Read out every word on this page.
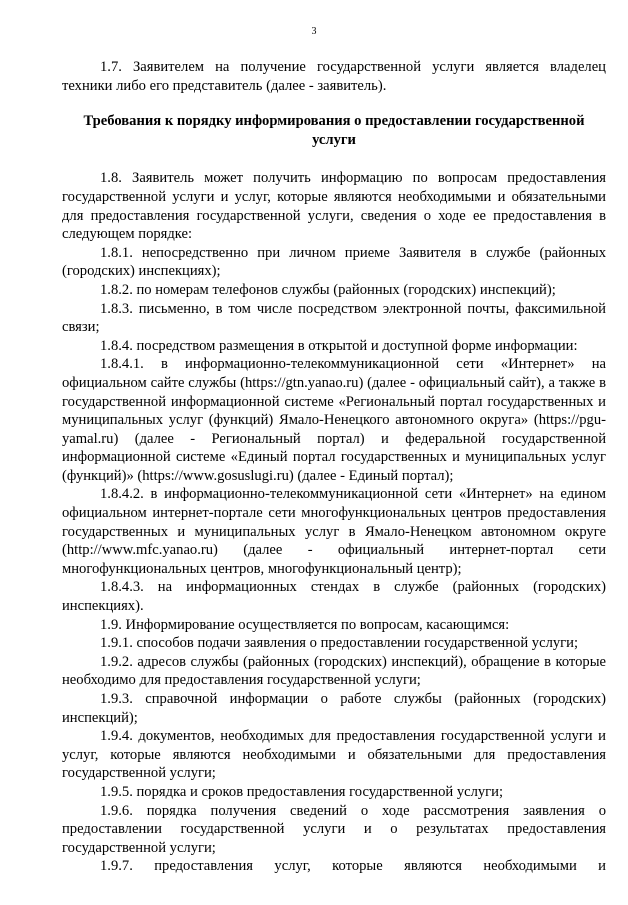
3

1.7. Заявителем на получение государственной услуги является владелец техники либо его представитель (далее - заявитель).

Требования к порядку информирования о предоставлении государственной услуги

1.8. Заявитель может получить информацию по вопросам предоставления государственной услуги и услуг, которые являются необходимыми и обязательными для предоставления государственной услуги, сведения о ходе ее предоставления в следующем порядке:

1.8.1. непосредственно при личном приеме Заявителя в службе (районных (городских) инспекциях);

1.8.2. по номерам телефонов службы (районных (городских) инспекций);

1.8.3. письменно, в том числе посредством электронной почты, факсимильной связи;

1.8.4. посредством размещения в открытой и доступной форме информации:

1.8.4.1. в информационно-телекоммуникационной сети «Интернет» на официальном сайте службы (https://gtn.yanao.ru) (далее - официальный сайт), а также в государственной информационной системе «Региональный портал государственных и муниципальных услуг (функций) Ямало-Ненецкого автономного округа» (https://pgu-yamal.ru) (далее - Региональный портал) и федеральной государственной информационной системе «Единый портал государственных и муниципальных услуг (функций)» (https://www.gosuslugi.ru) (далее - Единый портал);

1.8.4.2. в информационно-телекоммуникационной сети «Интернет» на едином официальном интернет-портале сети многофункциональных центров предоставления государственных и муниципальных услуг в Ямало-Ненецком автономном округе (http://www.mfc.yanao.ru) (далее - официальный интернет-портал сети многофункциональных центров, многофункциональный центр);

1.8.4.3. на информационных стендах в службе (районных (городских) инспекциях).

1.9. Информирование осуществляется по вопросам, касающимся:

1.9.1. способов подачи заявления о предоставлении государственной услуги;

1.9.2. адресов службы (районных (городских) инспекций), обращение в которые необходимо для предоставления государственной услуги;

1.9.3. справочной информации о работе службы (районных (городских) инспекций);

1.9.4. документов, необходимых для предоставления государственной услуги и услуг, которые являются необходимыми и обязательными для предоставления государственной услуги;

1.9.5. порядка и сроков предоставления государственной услуги;

1.9.6. порядка получения сведений о ходе рассмотрения заявления о предоставлении государственной услуги и о результатах предоставления государственной услуги;

1.9.7. предоставления услуг, которые являются необходимыми и
